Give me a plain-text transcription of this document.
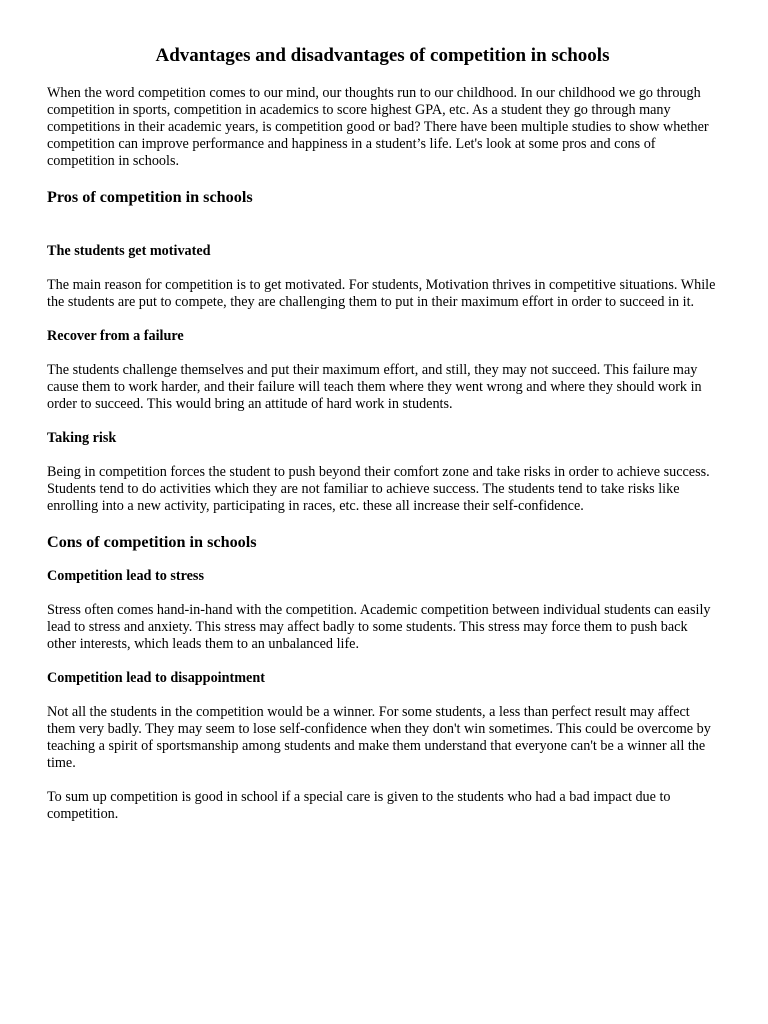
Advantages and disadvantages of competition in schools

When the word competition comes to our mind, our thoughts run to our childhood. In our childhood we go through competition in sports, competition in academics to score highest GPA, etc. As a student they go through many competitions in their academic years, is competition good or bad? There have been multiple studies to show whether competition can improve performance and happiness in a student’s life. Let's look at some pros and cons of competition in schools.

Pros of competition in schools
The students get motivated

The main reason for competition is to get motivated. For students, Motivation thrives in competitive situations. While the students are put to compete, they are challenging them to put in their maximum effort in order to succeed in it.

Recover from a failure

The students challenge themselves and put their maximum effort, and still, they may not succeed. This failure may cause them to work harder, and their failure will teach them where they went wrong and where they should work in order to succeed. This would bring an attitude of hard work in students.

Taking risk

Being in competition forces the student to push beyond their comfort zone and take risks in order to achieve success. Students tend to do activities which they are not familiar to achieve success. The students tend to take risks like enrolling into a new activity, participating in races, etc. these all increase their self-confidence.

Cons of competition in schools
Competition lead to stress

Stress often comes hand-in-hand with the competition. Academic competition between individual students can easily lead to stress and anxiety. This stress may affect badly to some students. This stress may force them to push back other interests, which leads them to an unbalanced life.

Competition lead to disappointment

Not all the students in the competition would be a winner. For some students, a less than perfect result may affect them very badly. They may seem to lose self-confidence when they don't win sometimes. This could be overcome by teaching a spirit of sportsmanship among students and make them understand that everyone can't be a winner all the time.

To sum up competition is good in school if a special care is given to the students who had a bad impact due to competition.
